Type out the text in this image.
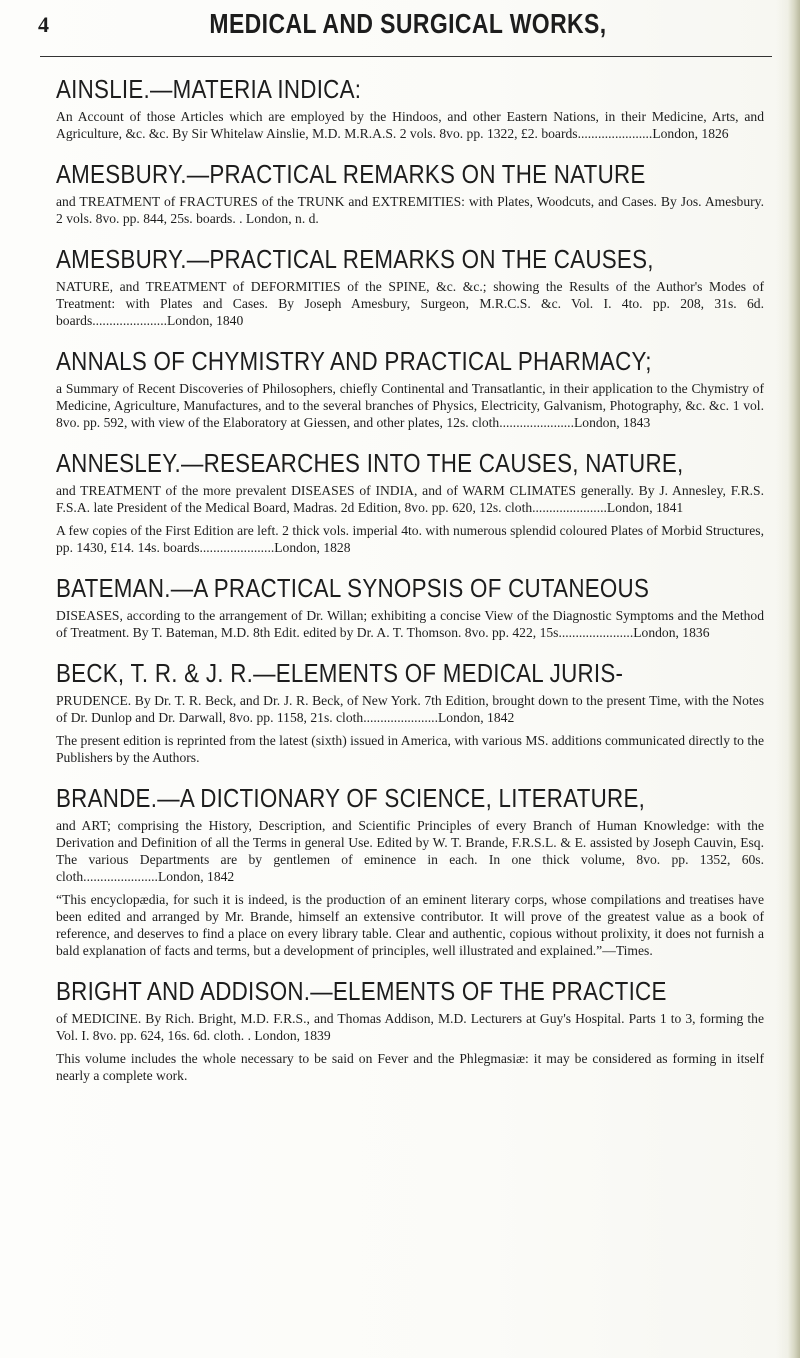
4	MEDICAL AND SURGICAL WORKS,
AINSLIE.—MATERIA INDICA:

An Account of those Articles which are employed by the Hindoos, and other Eastern Nations, in their Medicine, Arts, and Agriculture, &c. &c. By Sir Whitelaw Ainslie, M.D. M.R.A.S. 2 vols. 8vo. pp. 1322, £2. boards......................London, 1826

AMESBURY.—PRACTICAL REMARKS ON THE NATURE

and TREATMENT of FRACTURES of the TRUNK and EXTREMITIES: with Plates, Woodcuts, and Cases. By Jos. Amesbury. 2 vols. 8vo. pp. 844, 25s. boards. . London, n. d.

AMESBURY.—PRACTICAL REMARKS ON THE CAUSES,

NATURE, and TREATMENT of DEFORMITIES of the SPINE, &c. &c.; showing the Results of the Author's Modes of Treatment: with Plates and Cases. By Joseph Amesbury, Surgeon, M.R.C.S. &c. Vol. I. 4to. pp. 208, 31s. 6d. boards......................London, 1840

ANNALS OF CHYMISTRY AND PRACTICAL PHARMACY;

a Summary of Recent Discoveries of Philosophers, chiefly Continental and Transatlantic, in their application to the Chymistry of Medicine, Agriculture, Manufactures, and to the several branches of Physics, Electricity, Galvanism, Photography, &c. &c. 1 vol. 8vo. pp. 592, with view of the Elaboratory at Giessen, and other plates, 12s. cloth......................London, 1843

ANNESLEY.—RESEARCHES INTO THE CAUSES, NATURE,

and TREATMENT of the more prevalent DISEASES of INDIA, and of WARM CLIMATES generally. By J. Annesley, F.R.S. F.S.A. late President of the Medical Board, Madras. 2d Edition, 8vo. pp. 620, 12s. cloth......................London, 1841

A few copies of the First Edition are left. 2 thick vols. imperial 4to. with numerous splendid coloured Plates of Morbid Structures, pp. 1430, £14. 14s. boards......................London, 1828

BATEMAN.—A PRACTICAL SYNOPSIS OF CUTANEOUS

DISEASES, according to the arrangement of Dr. Willan; exhibiting a concise View of the Diagnostic Symptoms and the Method of Treatment. By T. Bateman, M.D. 8th Edit. edited by Dr. A. T. Thomson. 8vo. pp. 422, 15s......................London, 1836

BECK, T. R. & J. R.—ELEMENTS OF MEDICAL JURIS-

PRUDENCE. By Dr. T. R. Beck, and Dr. J. R. Beck, of New York. 7th Edition, brought down to the present Time, with the Notes of Dr. Dunlop and Dr. Darwall, 8vo. pp. 1158, 21s. cloth......................London, 1842

The present edition is reprinted from the latest (sixth) issued in America, with various MS. additions communicated directly to the Publishers by the Authors.

BRANDE.—A DICTIONARY OF SCIENCE, LITERATURE,

and ART; comprising the History, Description, and Scientific Principles of every Branch of Human Knowledge: with the Derivation and Definition of all the Terms in general Use. Edited by W. T. Brande, F.R.S.L. & E. assisted by Joseph Cauvin, Esq. The various Departments are by gentlemen of eminence in each. In one thick volume, 8vo. pp. 1352, 60s. cloth......................London, 1842

“This encyclopædia, for such it is indeed, is the production of an eminent literary corps, whose compilations and treatises have been edited and arranged by Mr. Brande, himself an extensive contributor. It will prove of the greatest value as a book of reference, and deserves to find a place on every library table. Clear and authentic, copious without prolixity, it does not furnish a bald explanation of facts and terms, but a development of principles, well illustrated and explained.”—Times.

BRIGHT AND ADDISON.—ELEMENTS OF THE PRACTICE

of MEDICINE. By Rich. Bright, M.D. F.R.S., and Thomas Addison, M.D. Lecturers at Guy's Hospital. Parts 1 to 3, forming the Vol. I. 8vo. pp. 624, 16s. 6d. cloth. . London, 1839

This volume includes the whole necessary to be said on Fever and the Phlegmasiæ: it may be considered as forming in itself nearly a complete work.
